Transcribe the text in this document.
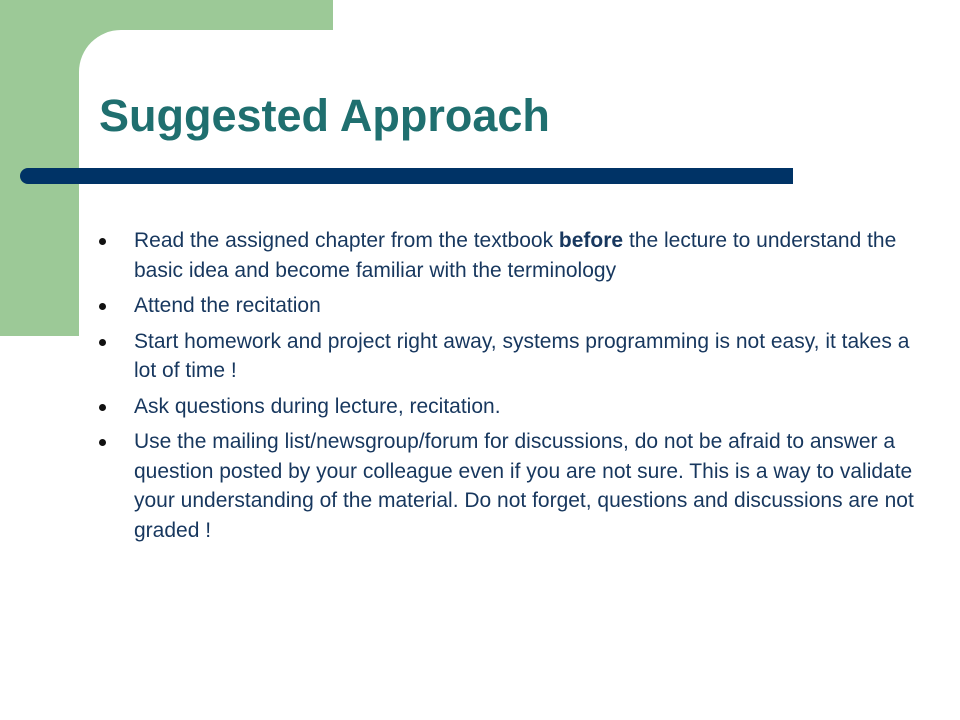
Suggested Approach
Read the assigned chapter from the textbook before the lecture to understand the basic idea and become familiar with the terminology
Attend the recitation
Start homework and project right away, systems programming is not easy, it takes a lot of time !
Ask questions during lecture, recitation.
Use the mailing list/newsgroup/forum for discussions, do not be afraid to answer a question posted by your colleague even if you are not sure. This is a way to validate your understanding of the material. Do not forget, questions and discussions are not graded !
